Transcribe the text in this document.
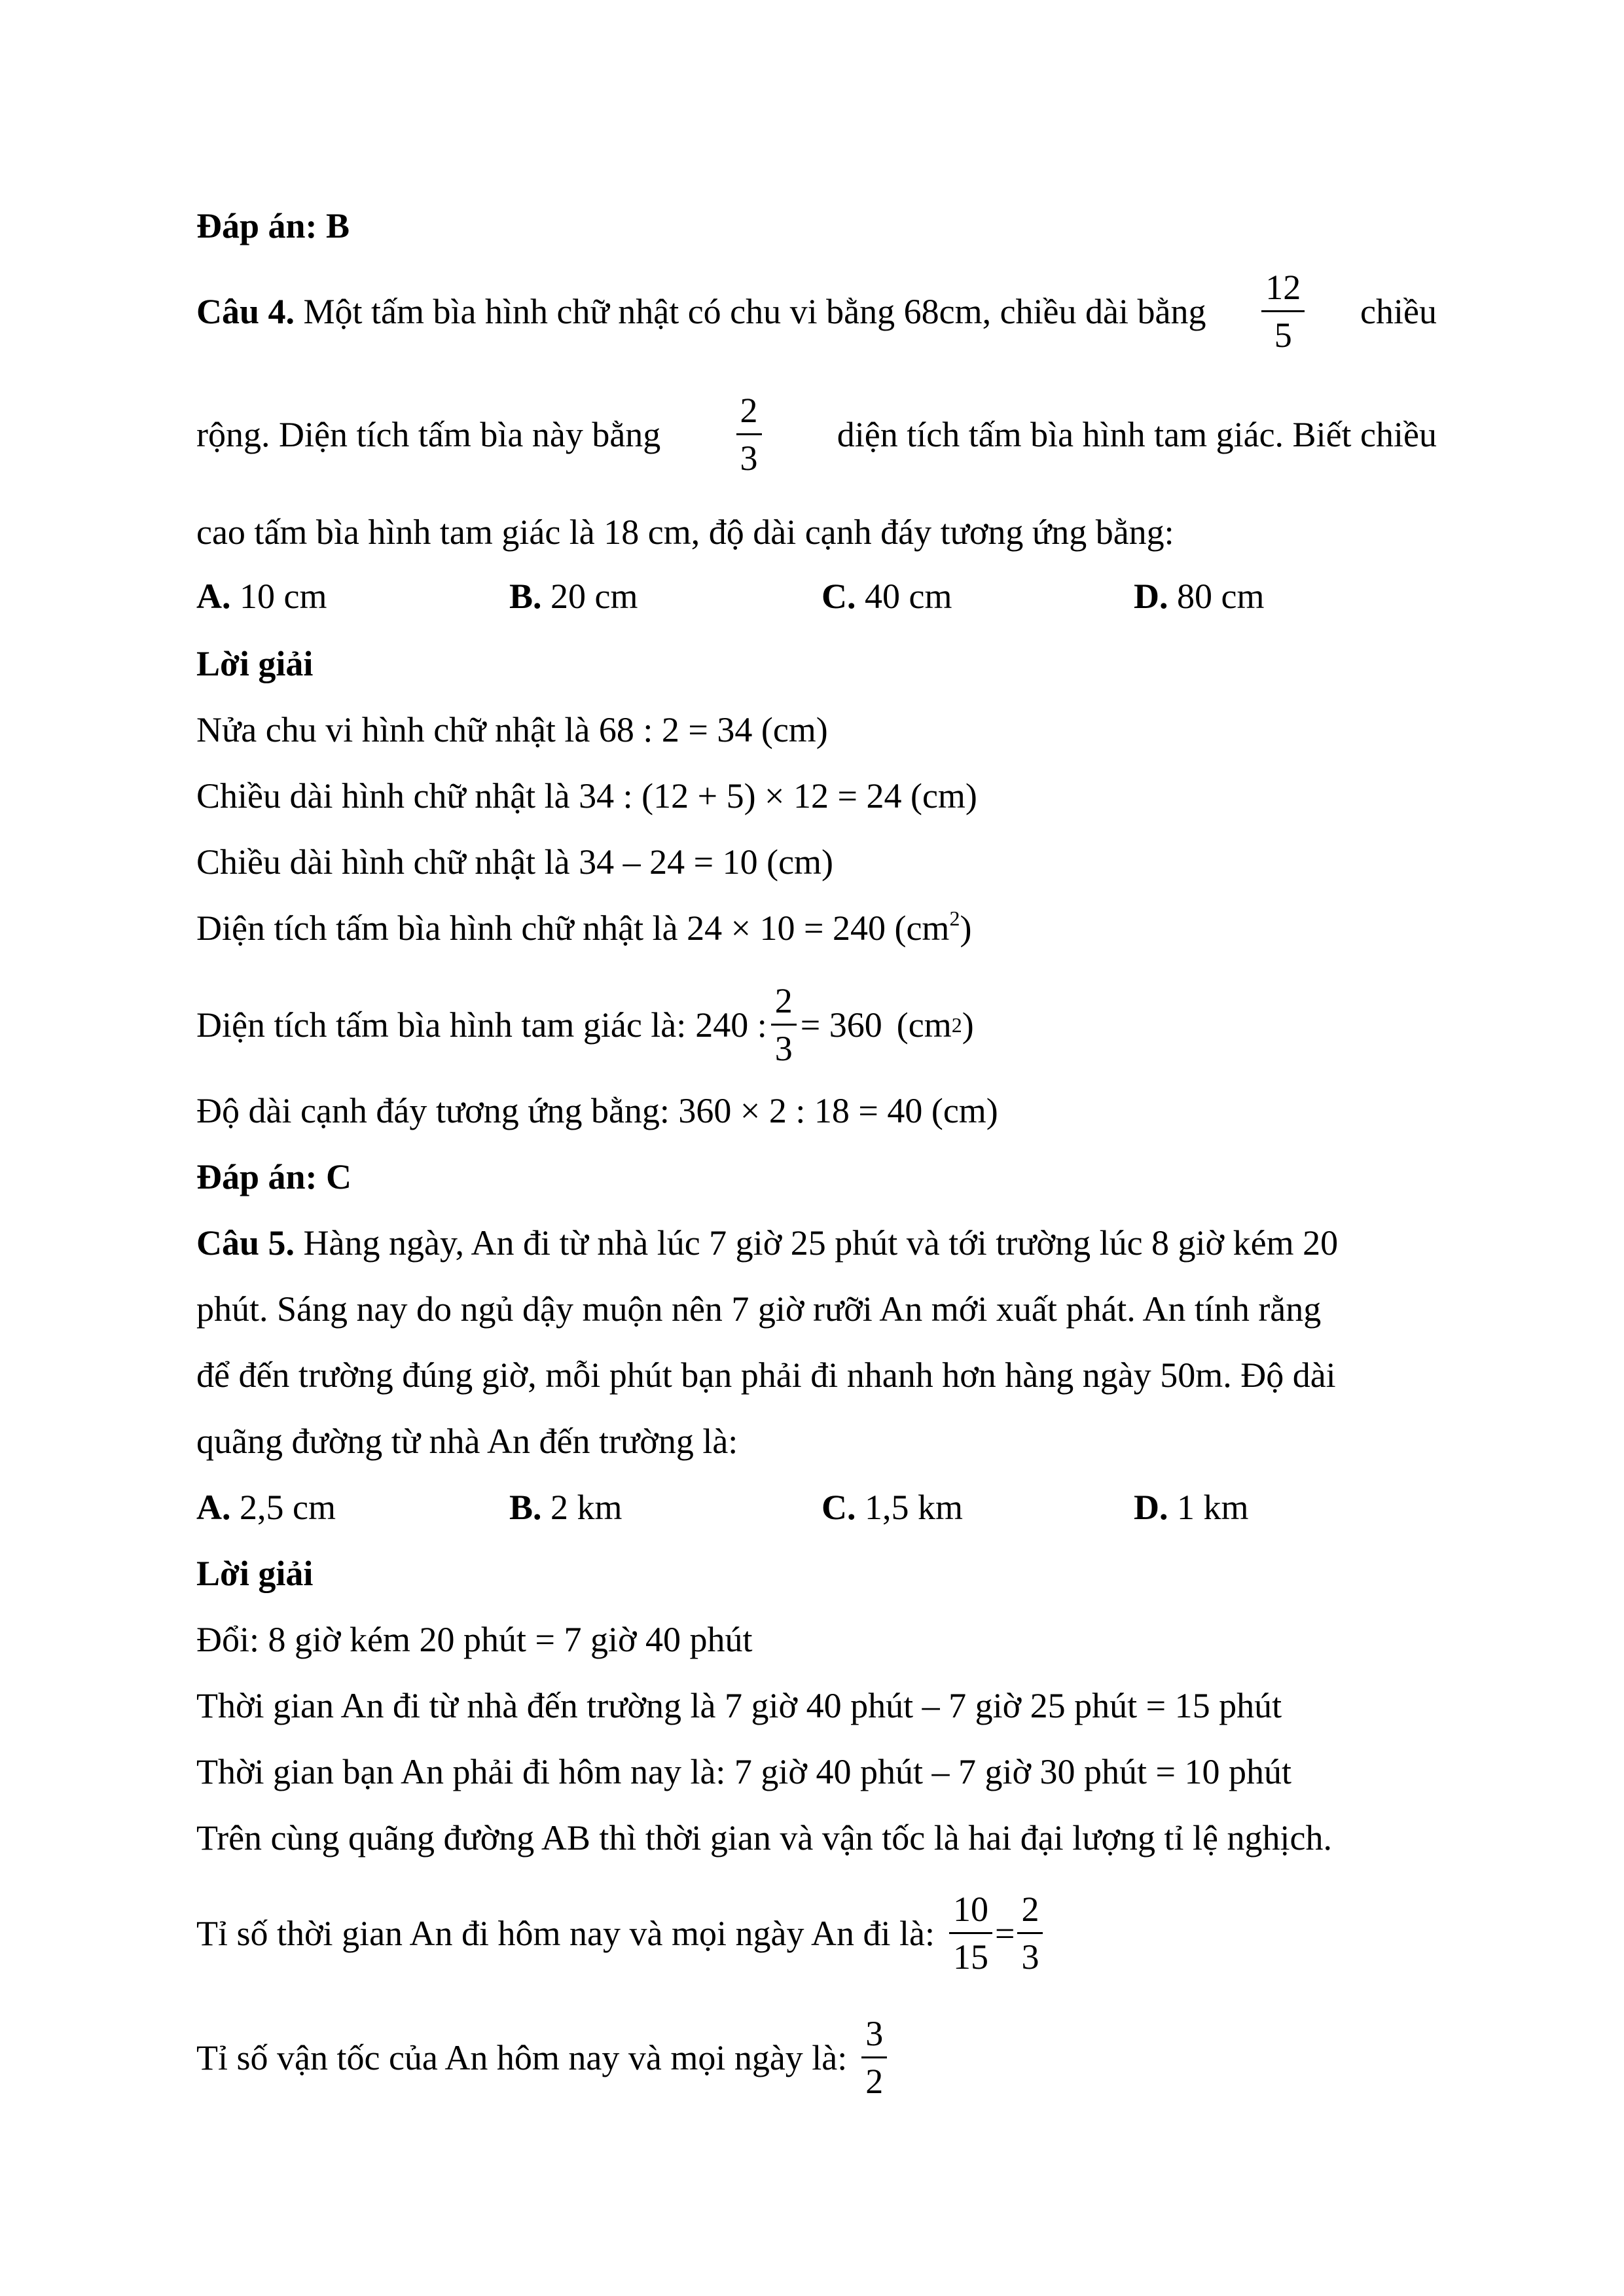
Đáp án: B
Câu 4. Một tấm bìa hình chữ nhật có chu vi bằng 68cm, chiều dài bằng $\frac{12}{5}$ chiều
rộng. Diện tích tấm bìa này bằng $\frac{2}{3}$ diện tích tấm bìa hình tam giác. Biết chiều
cao tấm bìa hình tam giác là 18 cm, độ dài cạnh đáy tương ứng bằng:
A. 10 cm	B. 20 cm	C. 40 cm	D. 80 cm
Lời giải
Nửa chu vi hình chữ nhật là 68 : 2 = 34 (cm)
Chiều dài hình chữ nhật là 34 : (12 + 5) × 12 = 24 (cm)
Chiều dài hình chữ nhật là 34 – 24 = 10 (cm)
Diện tích tấm bìa hình chữ nhật là 24 × 10 = 240 $(cm^2)$
Diện tích tấm bìa hình tam giác là: 240 : $\frac{2}{3} = 360$ (cm 2 )
Độ dài cạnh đáy tương ứng bằng: 360 × 2 : 18 = 40 (cm)
Đáp án: C
Câu 5. Hàng ngày, An đi từ nhà lúc 7 giờ 25 phút và tới trường lúc 8 giờ kém 20
phút. Sáng nay do ngủ dậy muộn nên 7 giờ rưỡi An mới xuất phát. An tính rằng
để đến trường đúng giờ, mỗi phút bạn phải đi nhanh hơn hàng ngày 50m. Độ dài
quãng đường từ nhà An đến trường là:
A. 2,5 cm	B. 2 km	C. 1,5 km	D. 1 km
Lời giải
Đổi: 8 giờ kém 20 phút = 7 giờ 40 phút
Thời gian An đi từ nhà đến trường là 7 giờ 40 phút – 7 giờ 25 phút = 15 phút
Thời gian bạn An phải đi hôm nay là: 7 giờ 40 phút – 7 giờ 30 phút = 10 phút
Trên cùng quãng đường AB thì thời gian và vận tốc là hai đại lượng tỉ lệ nghịch.
Tỉ số thời gian An đi hôm nay và mọi ngày An đi là: $\frac{10}{15} = \frac{2}{3}$
Tỉ số vận tốc của An hôm nay và mọi ngày là: $\frac{3}{2}$
